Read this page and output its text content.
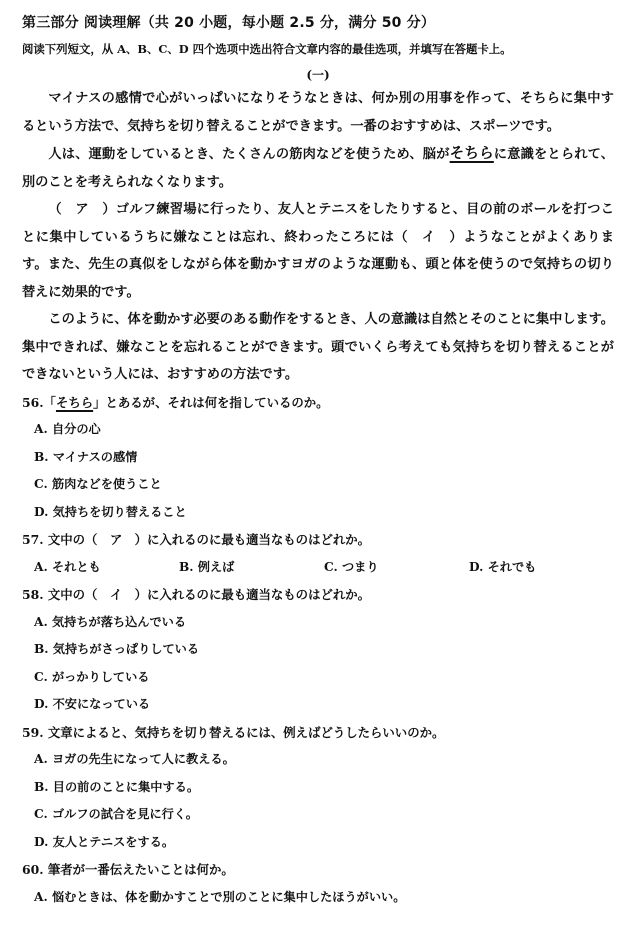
第三部分 阅读理解（共 20 小题，每小题 2.5 分，满分 50 分）
阅读下列短文，从 A、B、C、D 四个选项中选出符合文章内容的最佳选项，并填写在答题卡上。
(一)

マイナスの感情で心がいっぱいになりそうなときは、何か別の用事を作って、そちらに集中するという方法で、気持ちを切り替えることができます。一番のおすすめは、スポーツです。

人は、運動をしているとき、たくさんの筋肉などを使うため、脳がそちらに意識をとられて、別のことを考えられなくなります。

（　ア　）ゴルフ練習場に行ったり、友人とテニスをしたりすると、目の前のボールを打つことに集中しているうちに嫌なことは忘れ、終わったころには（　イ　）ようなことがよくあります。また、先生の真似をしながら体を動かすヨガのような運動も、頭と体を使うので気持ちの切り替えに効果的です。

このように、体を動かす必要のある動作をするとき、人の意識は自然とそのことに集中します。集中できれば、嫌なことを忘れることができます。頭でいくら考えても気持ちを切り替えることができないという人には、おすすめの方法です。

56.「そちら」とあるが、それは何を指しているのか。

A. 自分の心

B. マイナスの感情

C. 筋肉などを使うこと

D. 気持ちを切り替えること

57. 文中の（　ア　）に入れるのに最も適当なものはどれか。

A. それとも	B. 例えば	C. つまり	D. それでも

58. 文中の（　イ　）に入れるのに最も適当なものはどれか。

A. 気持ちが落ち込んでいる

B. 気持ちがさっぱりしている

C. がっかりしている

D. 不安になっている

59. 文章によると、気持ちを切り替えるには、例えばどうしたらいいのか。

A. ヨガの先生になって人に教える。

B. 目の前のことに集中する。

C. ゴルフの試合を見に行く。

D. 友人とテニスをする。

60. 筆者が一番伝えたいことは何か。

A. 悩むときは、体を動かすことで別のことに集中したほうがいい。
